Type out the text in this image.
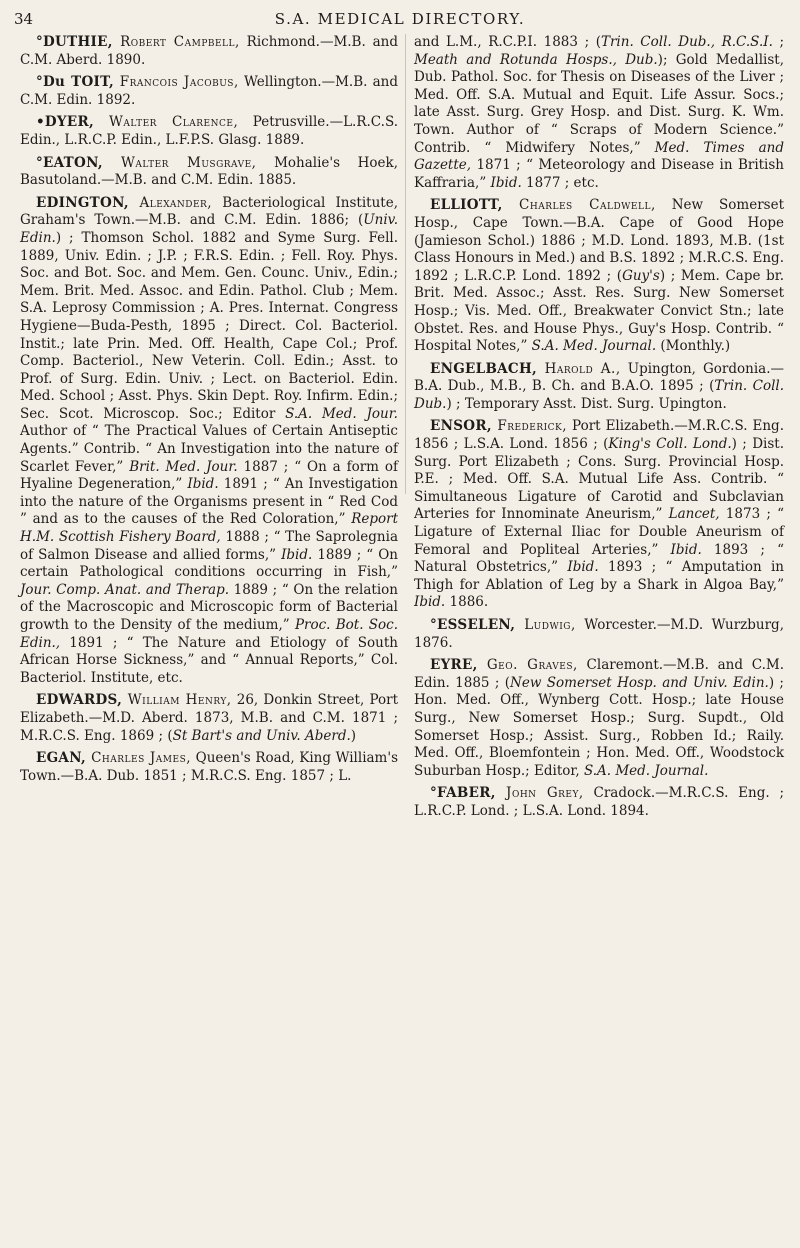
34	S.A. MEDICAL DIRECTORY.

°DUTHIE, Robert Campbell, Richmond.—M.B. and C.M. Aberd. 1890.

°Du TOIT, Francois Jacobus, Wellington.—M.B. and C.M. Edin. 1892.

•DYER, Walter Clarence, Petrusville.—L.R.C.S. Edin., L.R.C.P. Edin., L.F.P.S. Glasg. 1889.

°EATON, Walter Musgrave, Mohalie's Hoek, Basutoland.—M.B. and C.M. Edin. 1885.

EDINGTON, Alexander, Bacteriological Institute, Graham's Town.—M.B. and C.M. Edin. 1886; (Univ. Edin.) ; Thomson Schol. 1882 and Syme Surg. Fell. 1889, Univ. Edin. ; J.P. ; F.R.S. Edin. ; Fell. Roy. Phys. Soc. and Bot. Soc. and Mem. Gen. Counc. Univ., Edin.; Mem. Brit. Med. Assoc. and Edin. Pathol. Club ; Mem. S.A. Leprosy Commission ; A. Pres. Internat. Congress Hygiene—Buda-Pesth, 1895 ; Direct. Col. Bacteriol. Instit.; late Prin. Med. Off. Health, Cape Col.; Prof. Comp. Bacteriol., New Veterin. Coll. Edin.; Asst. to Prof. of Surg. Edin. Univ. ; Lect. on Bacteriol. Edin. Med. School ; Asst. Phys. Skin Dept. Roy. Infirm. Edin.; Sec. Scot. Microscop. Soc.; Editor S.A. Med. Jour. Author of “ The Practical Values of Certain Antiseptic Agents.” Contrib. “ An Investigation into the nature of Scarlet Fever,” Brit. Med. Jour. 1887 ; “ On a form of Hyaline Degeneration,” Ibid. 1891 ; “ An Investigation into the nature of the Organisms present in “ Red Cod ” and as to the causes of the Red Coloration,” Report H.M. Scottish Fishery Board, 1888 ; “ The Saprolegnia of Salmon Disease and allied forms,” Ibid. 1889 ; “ On certain Pathological conditions occurring in Fish,” Jour. Comp. Anat. and Therap. 1889 ; “ On the relation of the Macroscopic and Microscopic form of Bacterial growth to the Density of the medium,” Proc. Bot. Soc. Edin., 1891 ; “ The Nature and Etiology of South African Horse Sickness,” and “ Annual Reports,” Col. Bacteriol. Institute, etc.

EDWARDS, William Henry, 26, Donkin Street, Port Elizabeth.—M.D. Aberd. 1873, M.B. and C.M. 1871 ; M.R.C.S. Eng. 1869 ; (St Bart's and Univ. Aberd.)

EGAN, Charles James, Queen's Road, King William's Town.—B.A. Dub. 1851 ; M.R.C.S. Eng. 1857 ; L.

and L.M., R.C.P.I. 1883 ; (Trin. Coll. Dub., R.C.S.I. ; Meath and Rotunda Hosps., Dub.); Gold Medallist, Dub. Pathol. Soc. for Thesis on Diseases of the Liver ; Med. Off. S.A. Mutual and Equit. Life Assur. Socs.; late Asst. Surg. Grey Hosp. and Dist. Surg. K. Wm. Town. Author of “ Scraps of Modern Science.” Contrib. “ Midwifery Notes,” Med. Times and Gazette, 1871 ; “ Meteorology and Disease in British Kaffraria,” Ibid. 1877 ; etc.

ELLIOTT, Charles Caldwell, New Somerset Hosp., Cape Town.—B.A. Cape of Good Hope (Jamieson Schol.) 1886 ; M.D. Lond. 1893, M.B. (1st Class Honours in Med.) and B.S. 1892 ; M.R.C.S. Eng. 1892 ; L.R.C.P. Lond. 1892 ; (Guy's) ; Mem. Cape br. Brit. Med. Assoc.; Asst. Res. Surg. New Somerset Hosp.; Vis. Med. Off., Breakwater Convict Stn.; late Obstet. Res. and House Phys., Guy's Hosp. Contrib. “ Hospital Notes,” S.A. Med. Journal. (Monthly.)

ENGELBACH, Harold A., Upington, Gordonia.—B.A. Dub., M.B., B. Ch. and B.A.O. 1895 ; (Trin. Coll. Dub.) ; Temporary Asst. Dist. Surg. Upington.

ENSOR, Frederick, Port Elizabeth.—M.R.C.S. Eng. 1856 ; L.S.A. Lond. 1856 ; (King's Coll. Lond.) ; Dist. Surg. Port Elizabeth ; Cons. Surg. Provincial Hosp. P.E. ; Med. Off. S.A. Mutual Life Ass. Contrib. “ Simultaneous Ligature of Carotid and Subclavian Arteries for Innominate Aneurism,” Lancet, 1873 ; “ Ligature of External Iliac for Double Aneurism of Femoral and Popliteal Arteries,” Ibid. 1893 ; “ Natural Obstetrics,” Ibid. 1893 ; “ Amputation in Thigh for Ablation of Leg by a Shark in Algoa Bay,” Ibid. 1886.

°ESSELEN, Ludwig, Worcester.—M.D. Wurzburg, 1876.

EYRE, Geo. Graves, Claremont.—M.B. and C.M. Edin. 1885 ; (New Somerset Hosp. and Univ. Edin.) ; Hon. Med. Off., Wynberg Cott. Hosp.; late House Surg., New Somerset Hosp.; Surg. Supdt., Old Somerset Hosp.; Assist. Surg., Robben Id.; Raily. Med. Off., Bloemfontein ; Hon. Med. Off., Woodstock Suburban Hosp.; Editor, S.A. Med. Journal.

°FABER, John Grey, Cradock.—M.R.C.S. Eng. ; L.R.C.P. Lond. ; L.S.A. Lond. 1894.
